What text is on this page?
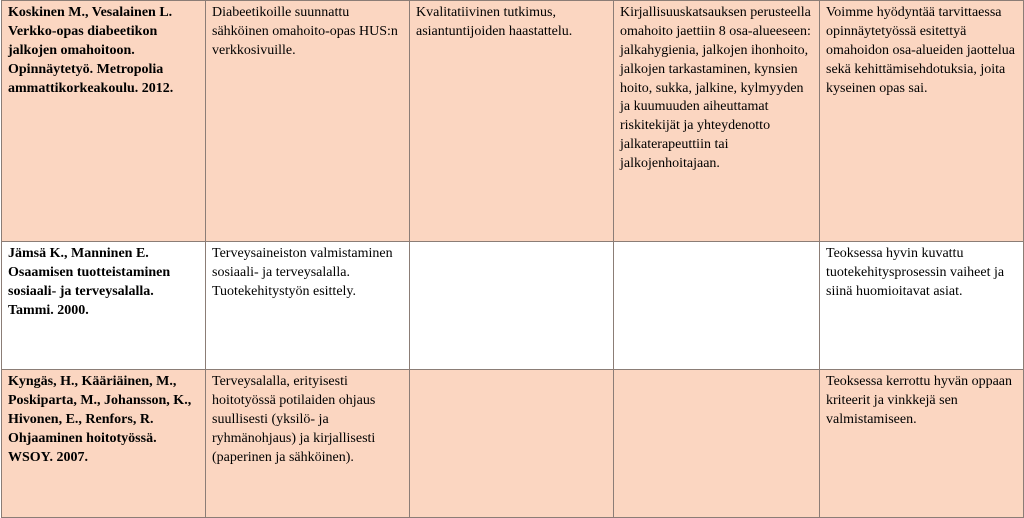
Koskinen M., Vesalainen L. Verkko-opas diabeetikon jalkojen omahoitoon. Opinnäytetyö. Metropolia ammattikorkeakoulu. 2012.	Diabeetikoille suunnattu sähköinen omahoito-opas HUS:n verkkosivuille.	Kvalitatiivinen tutkimus, asiantuntijoiden haastattelu.	Kirjallisuuskatsauksen perusteella omahoito jaettiin 8 osa-alueeseen: jalkahygienia, jalkojen ihonhoito, jalkojen tarkastaminen, kynsien hoito, sukka, jalkine, kylmyyden ja kuumuuden aiheuttamat riskitekijät ja yhteydenotto jalkaterapeuttiin tai jalkojenhoitajaan.	Voimme hyödyntää tarvittaessa opinnäytetyössä esitettyä omahoidon osa-alueiden jaottelua sekä kehittämisehdotuksia, joita kyseinen opas sai.

Jämsä K., Manninen E. Osaamisen tuotteistaminen sosiaali- ja terveysalalla. Tammi. 2000.	Terveysaineiston valmistaminen sosiaali- ja terveysalalla. Tuotekehitystyön esittely.			Teoksessa hyvin kuvattu tuotekehitysprosessin vaiheet ja siinä huomioitavat asiat.

Kyngäs, H., Kääriäinen, M., Poskiparta, M., Johansson, K., Hivonen, E., Renfors, R. Ohjaaminen hoitotyössä. WSOY. 2007.	Terveysalalla, erityisesti hoitotyössä potilaiden ohjaus suullisesti (yksilö- ja ryhmänohjaus) ja kirjallisesti (paperinen ja sähköinen).			Teoksessa kerrottu hyvän oppaan kriteerit ja vinkkejä sen valmistamiseen.
